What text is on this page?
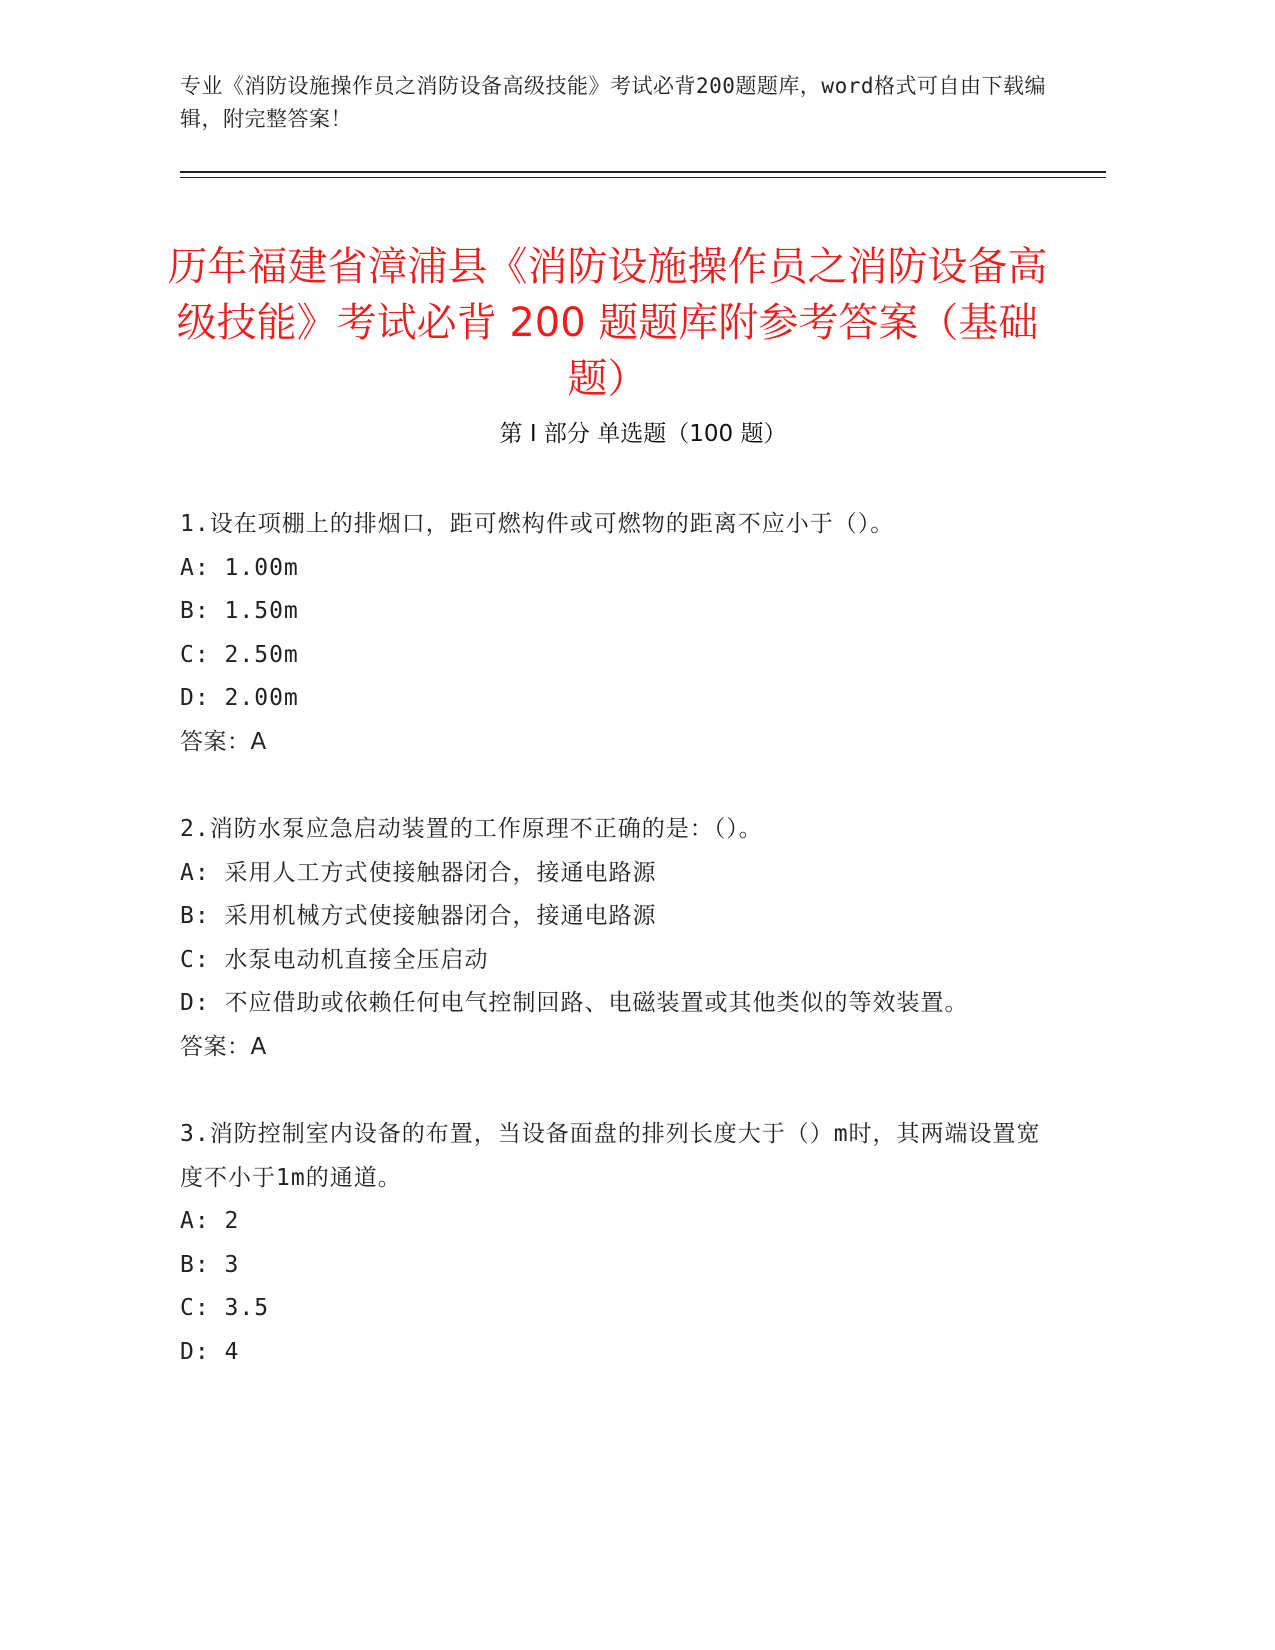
专业《消防设施操作员之消防设备高级技能》考试必背200题题库，word格式可自由下载编辑，附完整答案！
历年福建省漳浦县《消防设施操作员之消防设备高级技能》考试必背 200 题题库附参考答案（基础题）
第 I 部分 单选题（100 题）
1.设在项棚上的排烟口，距可燃构件或可燃物的距离不应小于（）。
A: 1.00m
B: 1.50m
C: 2.50m
D: 2.00m
答案：A
2.消防水泵应急启动装置的工作原理不正确的是：（）。
A: 采用人工方式使接触器闭合，接通电路源
B: 采用机械方式使接触器闭合，接通电路源
C: 水泵电动机直接全压启动
D: 不应借助或依赖任何电气控制回路、电磁装置或其他类似的等效装置。
答案：A
3.消防控制室内设备的布置，当设备面盘的排列长度大于（）m时，其两端设置宽度不小于1m的通道。
A: 2
B: 3
C: 3.5
D: 4
